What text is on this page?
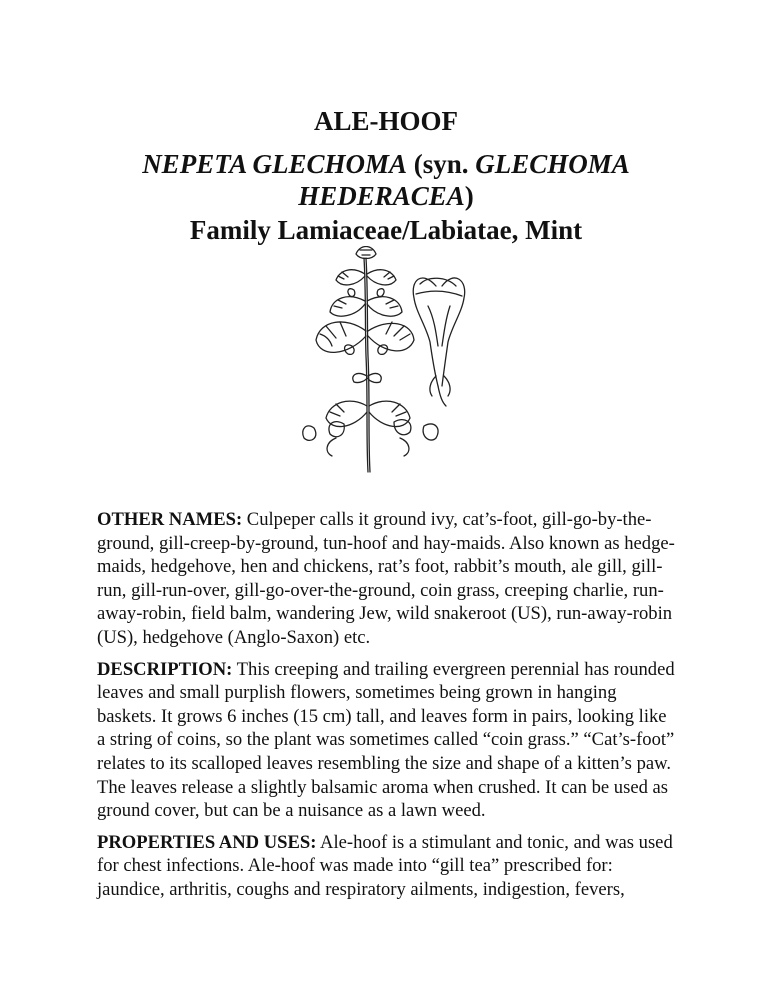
ALE-HOOF
NEPETA GLECHOMA (syn. GLECHOMA HEDERACEA)
Family Lamiaceae/Labiatae, Mint

OTHER NAMES: Culpeper calls it ground ivy, cat’s-foot, gill-go-by-the-ground, gill-creep-by-ground, tun-hoof and hay-maids. Also known as hedge-maids, hedgehove, hen and chickens, rat’s foot, rabbit’s mouth, ale gill, gill-run, gill-run-over, gill-go-over-the-ground, coin grass, creeping charlie, run-away-robin, field balm, wandering Jew, wild snakeroot (US), run-away-robin (US), hedgehove (Anglo-Saxon) etc.

DESCRIPTION: This creeping and trailing evergreen perennial has rounded leaves and small purplish flowers, sometimes being grown in hanging baskets. It grows 6 inches (15 cm) tall, and leaves form in pairs, looking like a string of coins, so the plant was sometimes called “coin grass.” “Cat’s-foot” relates to its scalloped leaves resembling the size and shape of a kitten’s paw. The leaves release a slightly balsamic aroma when crushed. It can be used as ground cover, but can be a nuisance as a lawn weed.

PROPERTIES AND USES: Ale-hoof is a stimulant and tonic, and was used for chest infections. Ale-hoof was made into “gill tea” prescribed for: jaundice, arthritis, coughs and respiratory ailments, indigestion, fevers,
